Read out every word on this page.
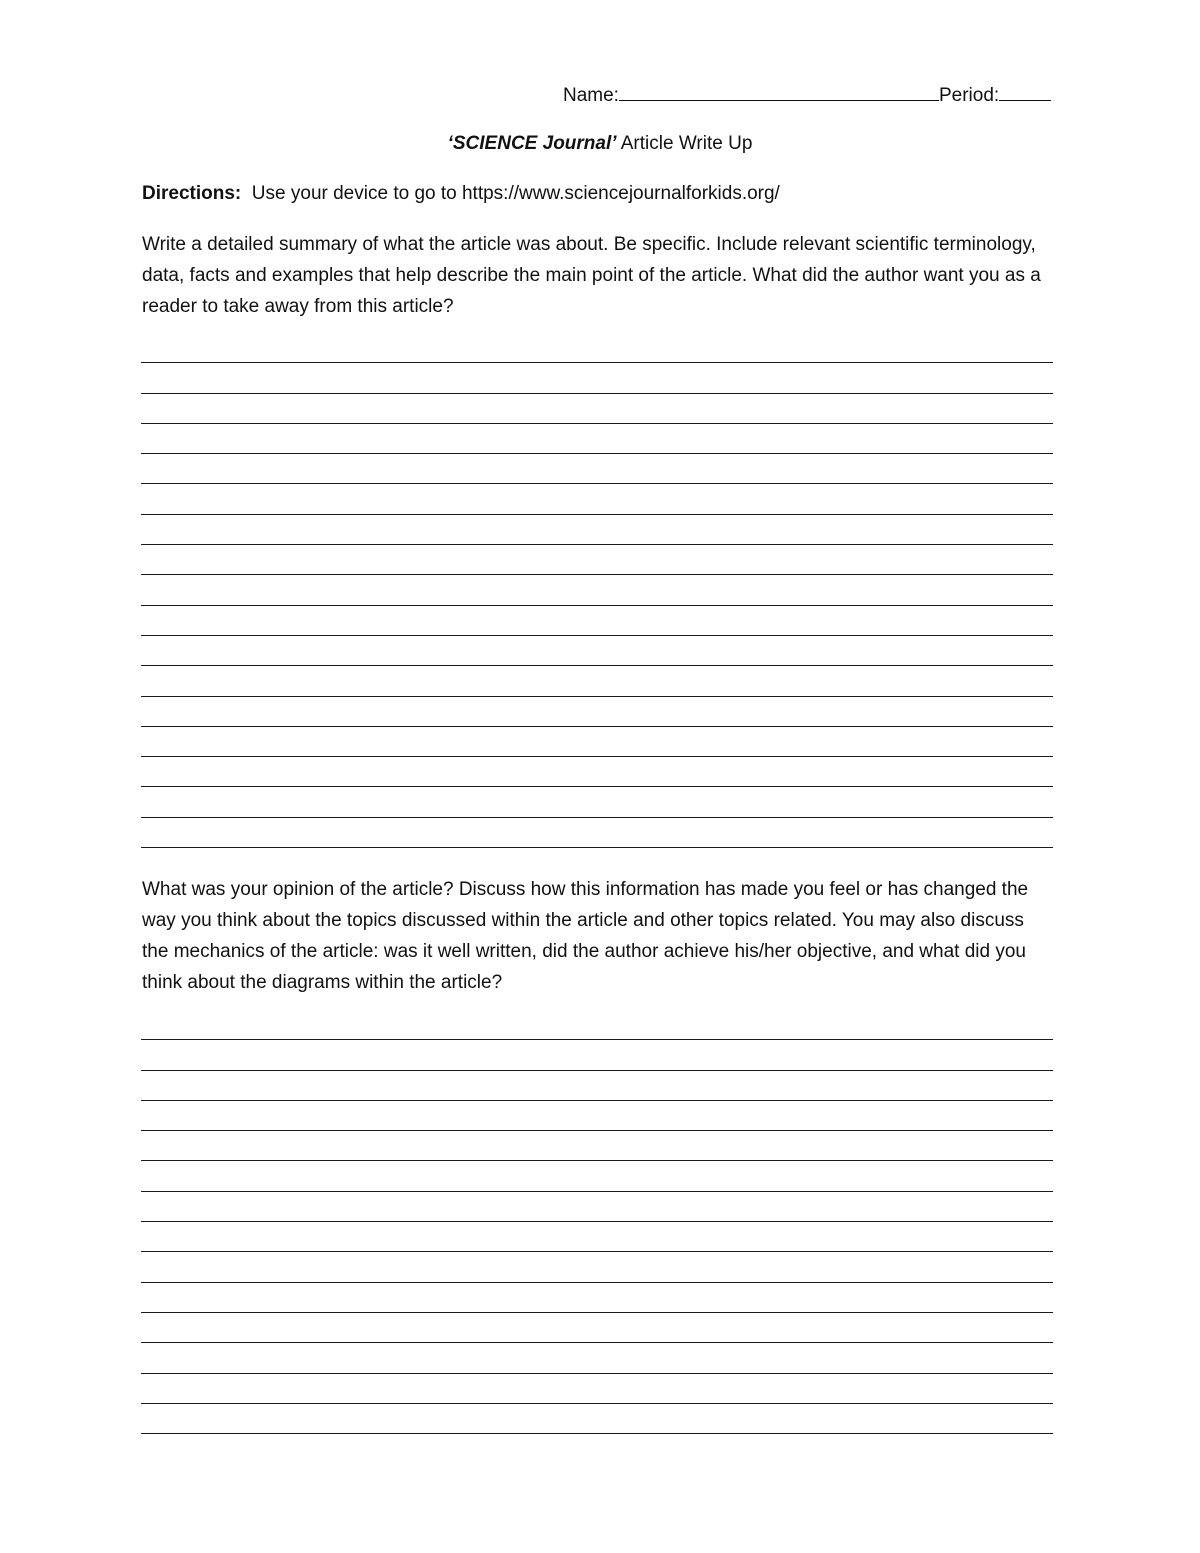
Name:	Period:
‘SCIENCE Journal’ Article Write Up
Directions:  Use your device to go to https://www.sciencejournalforkids.org/
Write a detailed summary of what the article was about. Be specific. Include relevant scientific terminology, data, facts and examples that help describe the main point of the article. What did the author want you as a reader to take away from this article?
What was your opinion of the article? Discuss how this information has made you feel or has changed the way you think about the topics discussed within the article and other topics related. You may also discuss the mechanics of the article: was it well written, did the author achieve his/her objective, and what did you think about the diagrams within the article?
